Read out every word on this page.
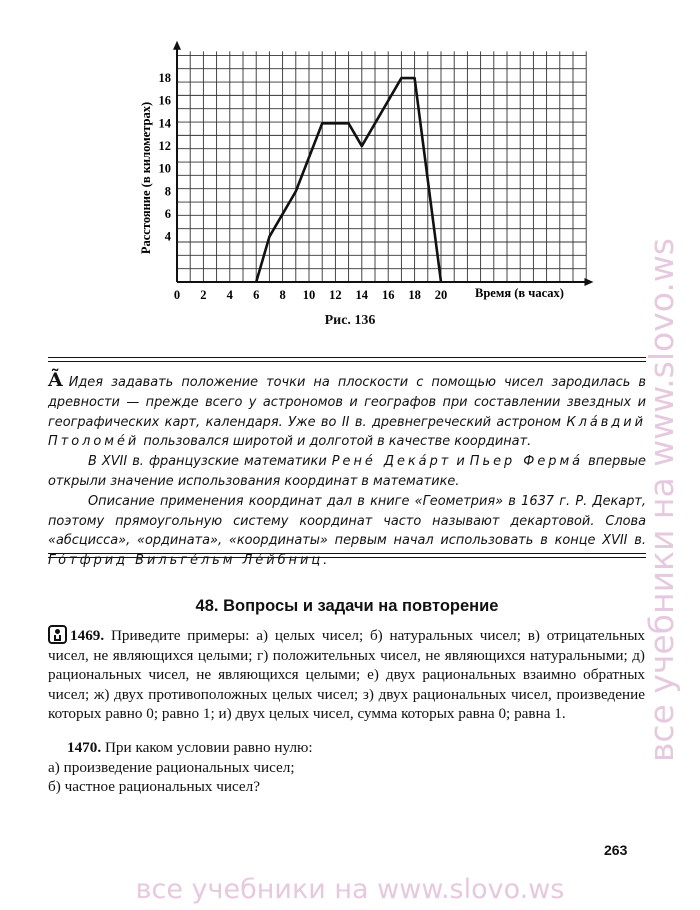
0 2 4 6 8 10 12 14 16 18 20
4
6
8
10
12
14
16
18
Время (в часах)
Расстояние (в километрах)
Рис. 136

Ã Идея задавать положение точки на плоскости с помощью чисел зародилась в древности — прежде всего у астрономов и географов при составлении звездных и географических карт, календаря. Уже во II в. древнегреческий астроном Клáвдий Птоломéй пользовался широтой и долготой в качестве координат.

В XVII в. французские математики Ренé Декáрт и Пьер Фермá впервые открыли значение использования координат в математике.

Описание применения координат дал в книге «Геометрия» в 1637 г. Р. Декарт, поэтому прямоугольную систему координат часто называют декартовой. Слова «абсцисса», «ордината», «координаты» первым начал использовать в конце XVII в. Гóтфрид Вильгéльм Лéйбниц.

48. Вопросы и задачи на повторение

1469. Приведите примеры: а) целых чисел; б) натуральных чисел; в) отрицательных чисел, не являющихся целыми; г) положительных чисел, не являющихся натуральными; д) рациональных чисел, не являющихся целыми; е) двух рациональных взаимно обратных чисел; ж) двух противоположных целых чисел; з) двух рациональных чисел, произведение которых равно 0; равно 1; и) двух целых чисел, сумма которых равна 0; равна 1.

1470. При каком условии равно нулю:

а) произведение рациональных чисел;

б) частное рациональных чисел?

263
все учебники на www.slovo.ws
все учебники на www.slovo.ws
